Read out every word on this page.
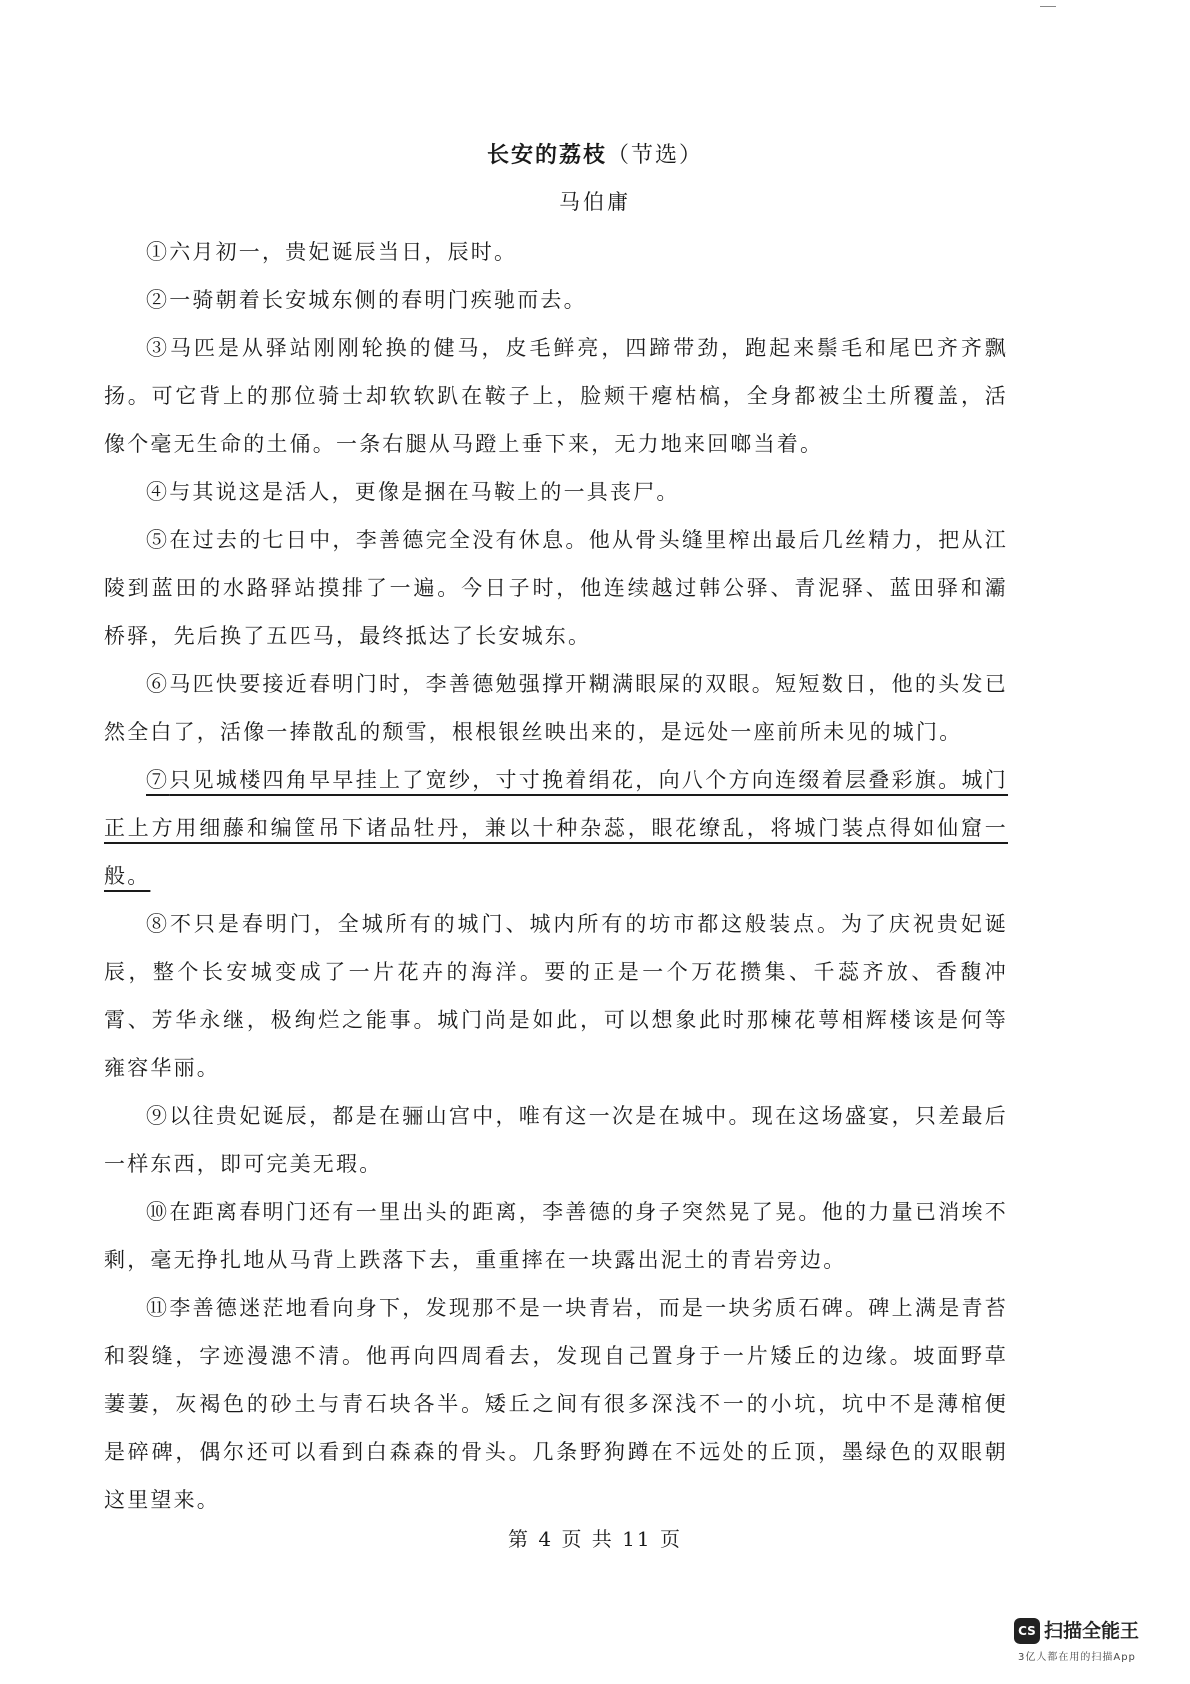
长安的荔枝（节选）
马伯庸

①六月初一，贵妃诞辰当日，辰时。

②一骑朝着长安城东侧的春明门疾驰而去。

③马匹是从驿站刚刚轮换的健马，皮毛鲜亮，四蹄带劲，跑起来鬃毛和尾巴齐齐飘扬。可它背上的那位骑士却软软趴在鞍子上，脸颊干瘪枯槁，全身都被尘土所覆盖，活像个毫无生命的土俑。一条右腿从马蹬上垂下来，无力地来回啷当着。

④与其说这是活人，更像是捆在马鞍上的一具丧尸。

⑤在过去的七日中，李善德完全没有休息。他从骨头缝里榨出最后几丝精力，把从江陵到蓝田的水路驿站摸排了一遍。今日子时，他连续越过韩公驿、青泥驿、蓝田驿和灞桥驿，先后换了五匹马，最终抵达了长安城东。

⑥马匹快要接近春明门时，李善德勉强撑开糊满眼屎的双眼。短短数日，他的头发已然全白了，活像一捧散乱的颓雪，根根银丝映出来的，是远处一座前所未见的城门。

⑦只见城楼四角早早挂上了宽纱，寸寸挽着绢花，向八个方向连缀着层叠彩旗。城门正上方用细藤和编筐吊下诸品牡丹，兼以十种杂蕊，眼花缭乱，将城门装点得如仙窟一般。

⑧不只是春明门，全城所有的城门、城内所有的坊市都这般装点。为了庆祝贵妃诞辰，整个长安城变成了一片花卉的海洋。要的正是一个万花攒集、千蕊齐放、香馥冲霄、芳华永继，极绚烂之能事。城门尚是如此，可以想象此时那楝花萼相辉楼该是何等雍容华丽。

⑨以往贵妃诞辰，都是在骊山宫中，唯有这一次是在城中。现在这场盛宴，只差最后一样东西，即可完美无瑕。

⑩在距离春明门还有一里出头的距离，李善德的身子突然晃了晃。他的力量已消埃不剩，毫无挣扎地从马背上跌落下去，重重摔在一块露出泥土的青岩旁边。

⑪李善德迷茫地看向身下，发现那不是一块青岩，而是一块劣质石碑。碑上满是青苔和裂缝，字迹漫漶不清。他再向四周看去，发现自己置身于一片矮丘的边缘。坡面野草萋萋，灰褐色的砂土与青石块各半。矮丘之间有很多深浅不一的小坑，坑中不是薄棺便是碎碑，偶尔还可以看到白森森的骨头。几条野狗蹲在不远处的丘顶，墨绿色的双眼朝这里望来。

第 4 页 共 11 页
CS 扫描全能王
3亿人都在用的扫描App
